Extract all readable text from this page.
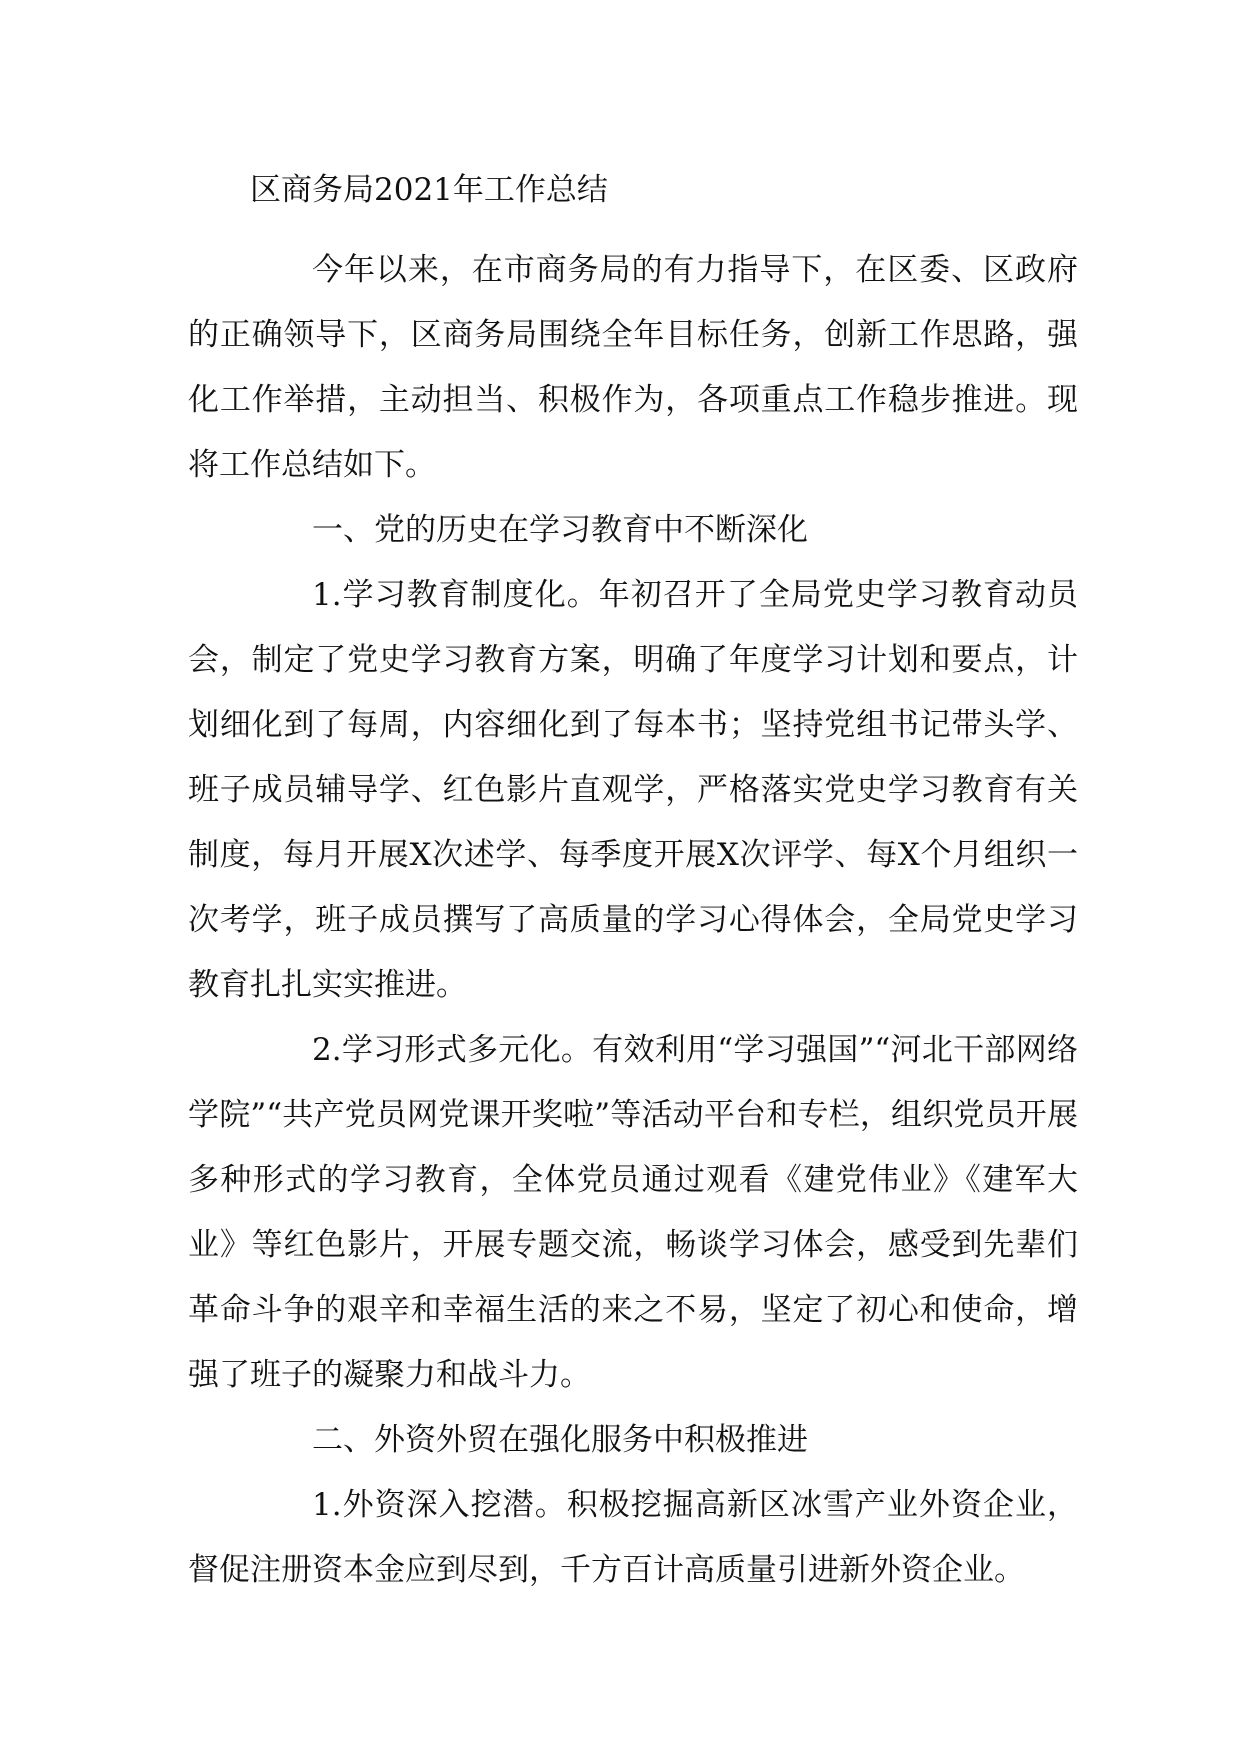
区商务局2021年工作总结

今年以来，在市商务局的有力指导下，在区委、区政府的正确领导下，区商务局围绕全年目标任务，创新工作思路，强化工作举措，主动担当、积极作为，各项重点工作稳步推进。现将工作总结如下。

一、党的历史在学习教育中不断深化

1.学习教育制度化。年初召开了全局党史学习教育动员会，制定了党史学习教育方案，明确了年度学习计划和要点，计划细化到了每周，内容细化到了每本书；坚持党组书记带头学、班子成员辅导学、红色影片直观学，严格落实党史学习教育有关制度，每月开展X次述学、每季度开展X次评学、每X个月组织一次考学，班子成员撰写了高质量的学习心得体会，全局党史学习教育扎扎实实推进。

2.学习形式多元化。有效利用“学习强国”“河北干部网络学院”“共产党员网党课开奖啦”等活动平台和专栏，组织党员开展多种形式的学习教育，全体党员通过观看《建党伟业》《建军大业》等红色影片，开展专题交流，畅谈学习体会，感受到先辈们革命斗争的艰辛和幸福生活的来之不易，坚定了初心和使命，增强了班子的凝聚力和战斗力。

二、外资外贸在强化服务中积极推进

1.外资深入挖潜。积极挖掘高新区冰雪产业外资企业，督促注册资本金应到尽到，千方百计高质量引进新外资企业。
